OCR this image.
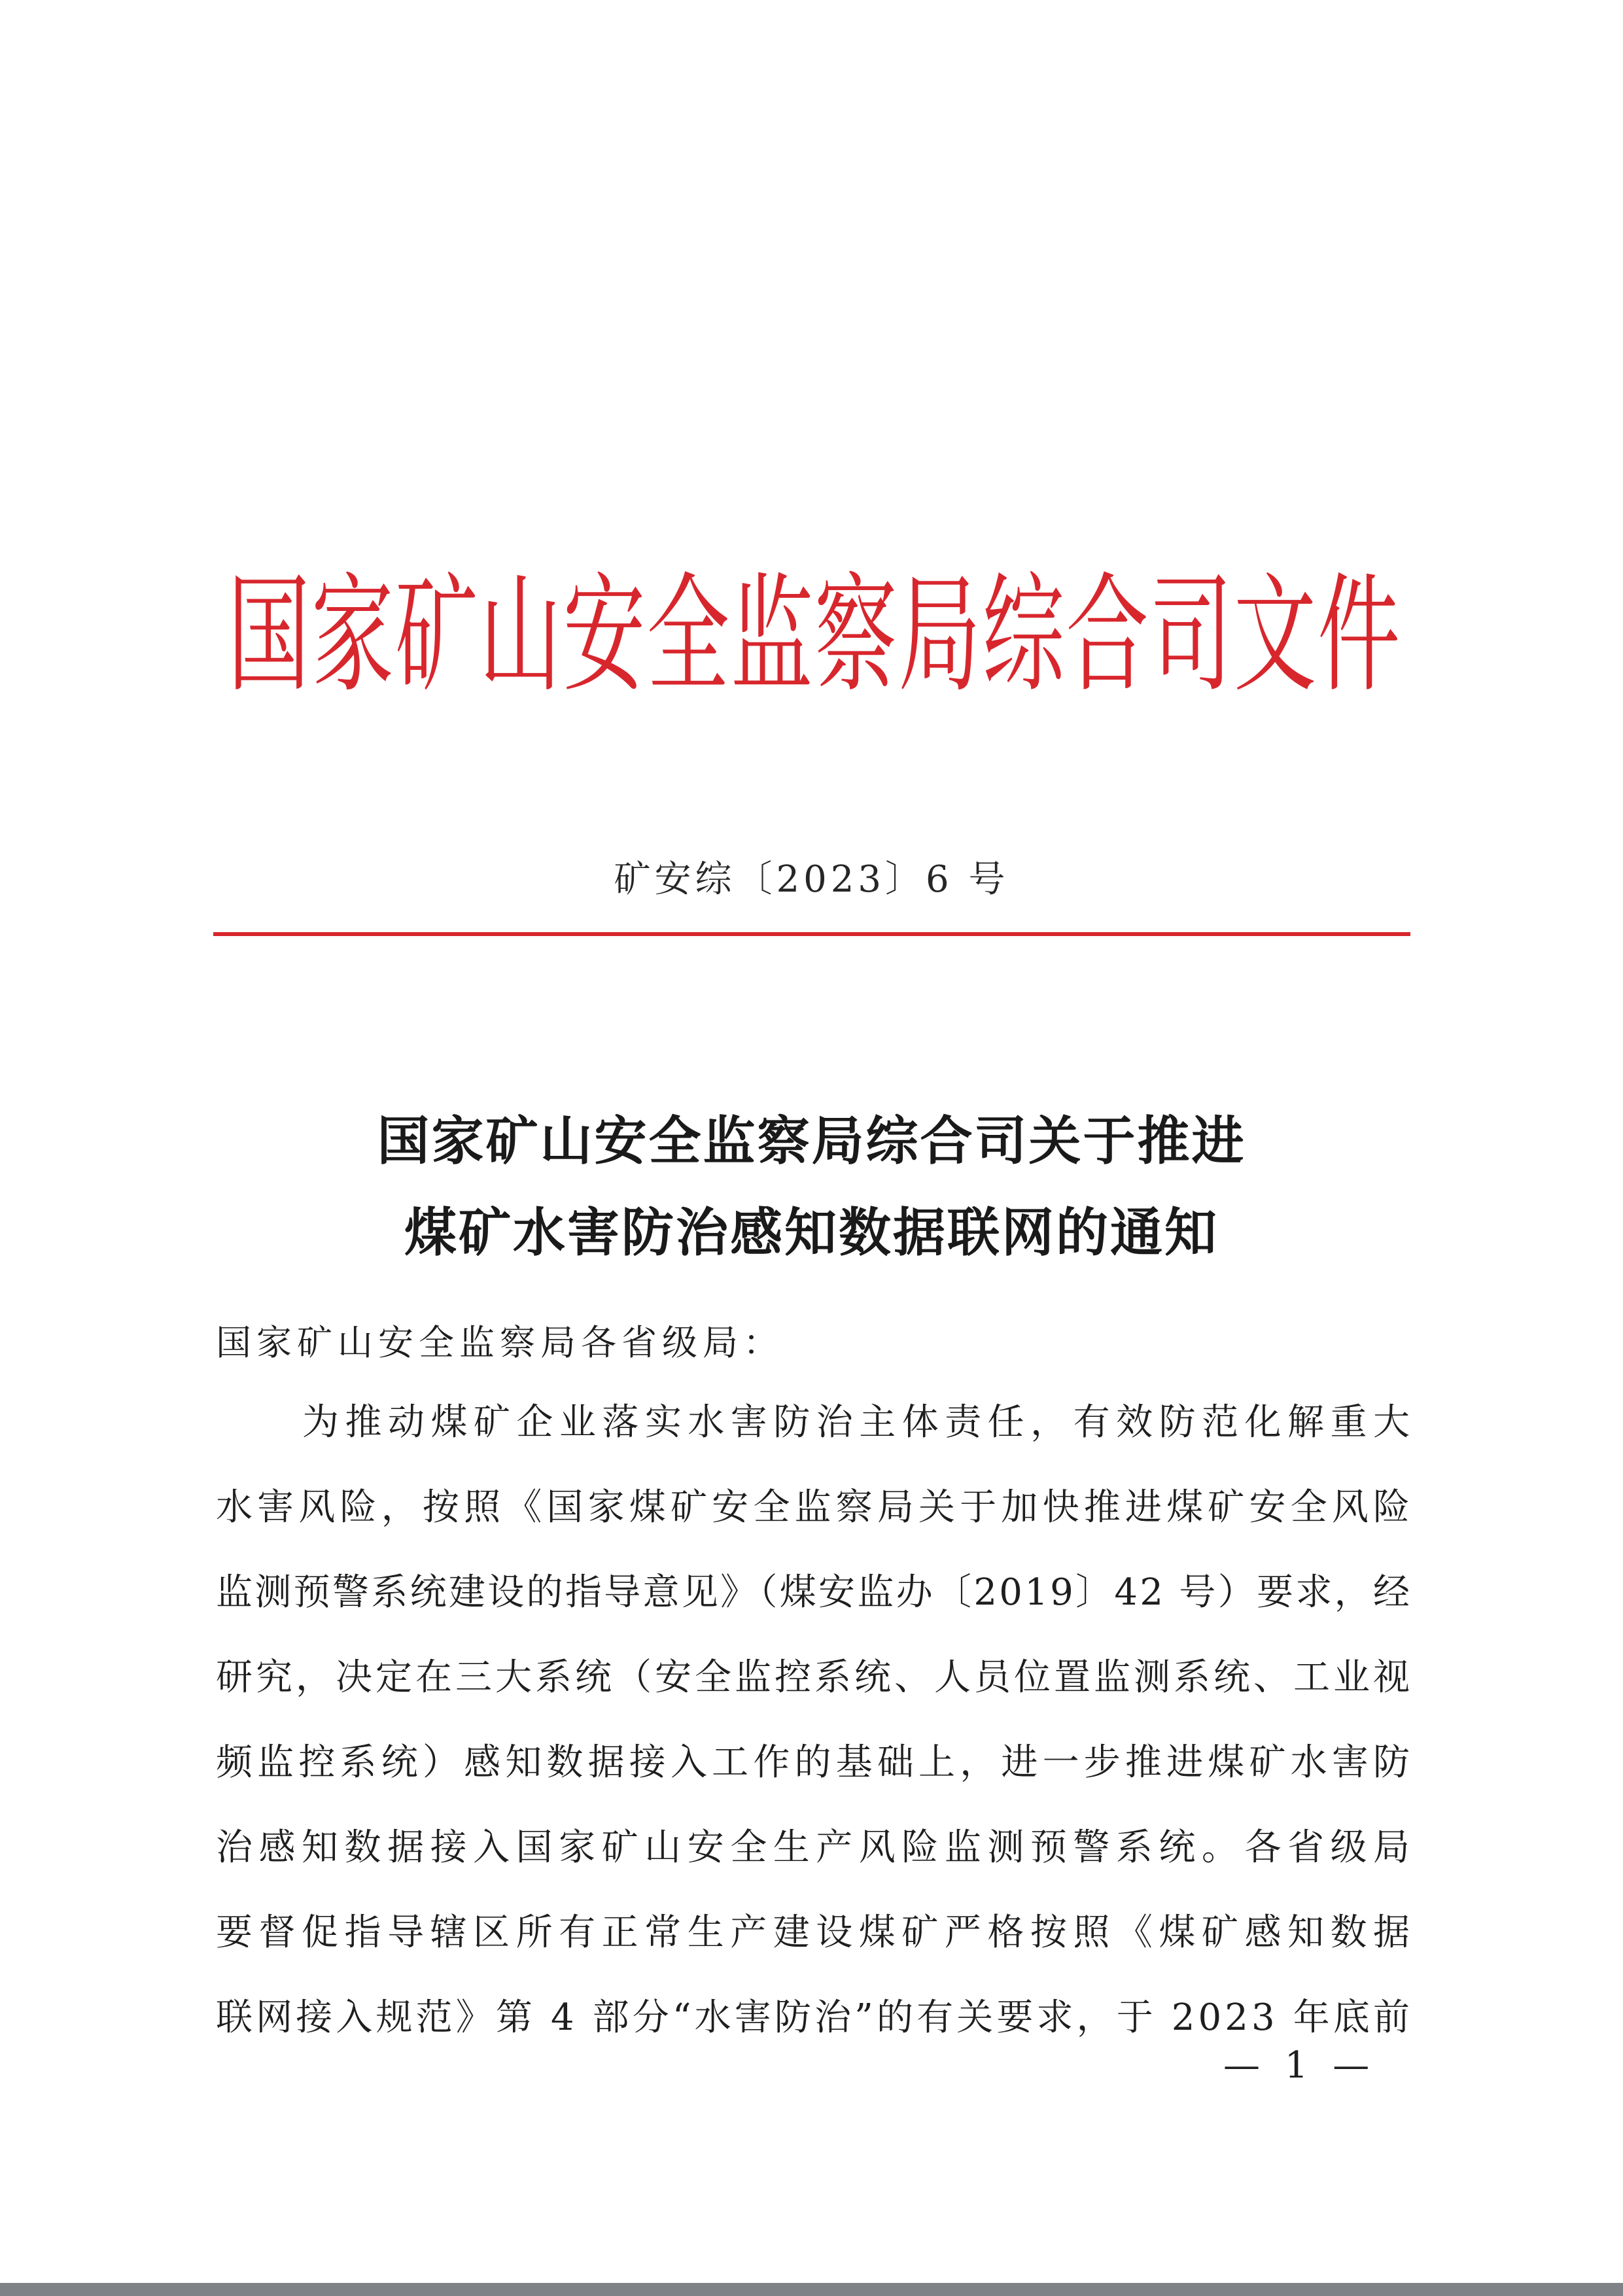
国家矿山安全监察局综合司文件
矿安综〔2023〕6 号
国家矿山安全监察局综合司关于推进
煤矿水害防治感知数据联网的通知
国家矿山安全监察局各省级局：
为推动煤矿企业落实水害防治主体责任，有效防范化解重大
水害风险，按照《国家煤矿安全监察局关于加快推进煤矿安全风险
监测预警系统建设的指导意见》（煤安监办〔2019〕42 号）要求，经
研究，决定在三大系统（安全监控系统、人员位置监测系统、工业视
频监控系统）感知数据接入工作的基础上，进一步推进煤矿水害防
治感知数据接入国家矿山安全生产风险监测预警系统。各省级局
要督促指导辖区所有正常生产建设煤矿严格按照《煤矿感知数据
联网接入规范》第 4 部分“水害防治”的有关要求，于 2023 年底前
— 1 —
